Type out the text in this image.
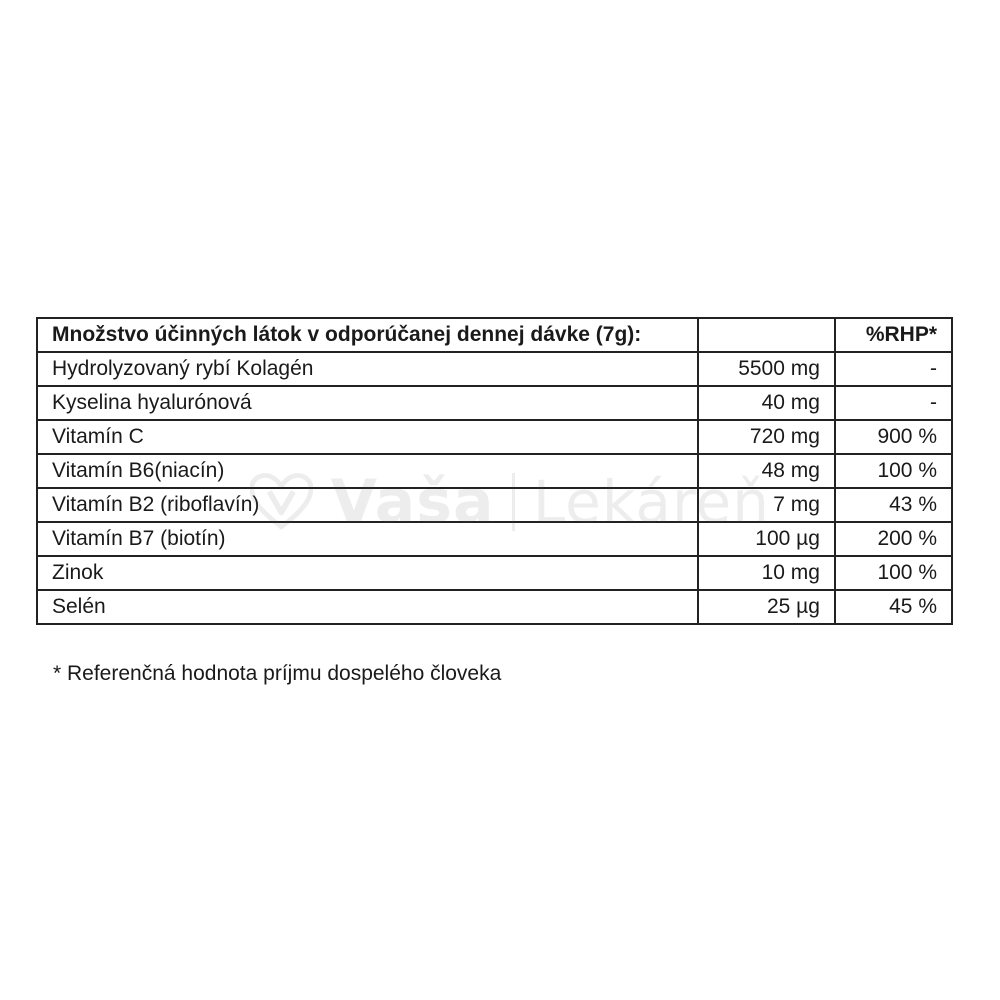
Vaša Lekáreň
Množstvo účinných látok v odporúčanej dennej dávke (7g):		%RHP*
Hydrolyzovaný rybí Kolagén	5500 mg	-
Kyselina hyalurónová	40 mg	-
Vitamín C	720 mg	900 %
Vitamín B6(niacín)	48 mg	100 %
Vitamín B2 (riboflavín)	7 mg	43 %
Vitamín B7 (biotín)	100 µg	200 %
Zinok	10 mg	100 %
Selén	25 µg	45 %
* Referenčná hodnota príjmu dospelého človeka
